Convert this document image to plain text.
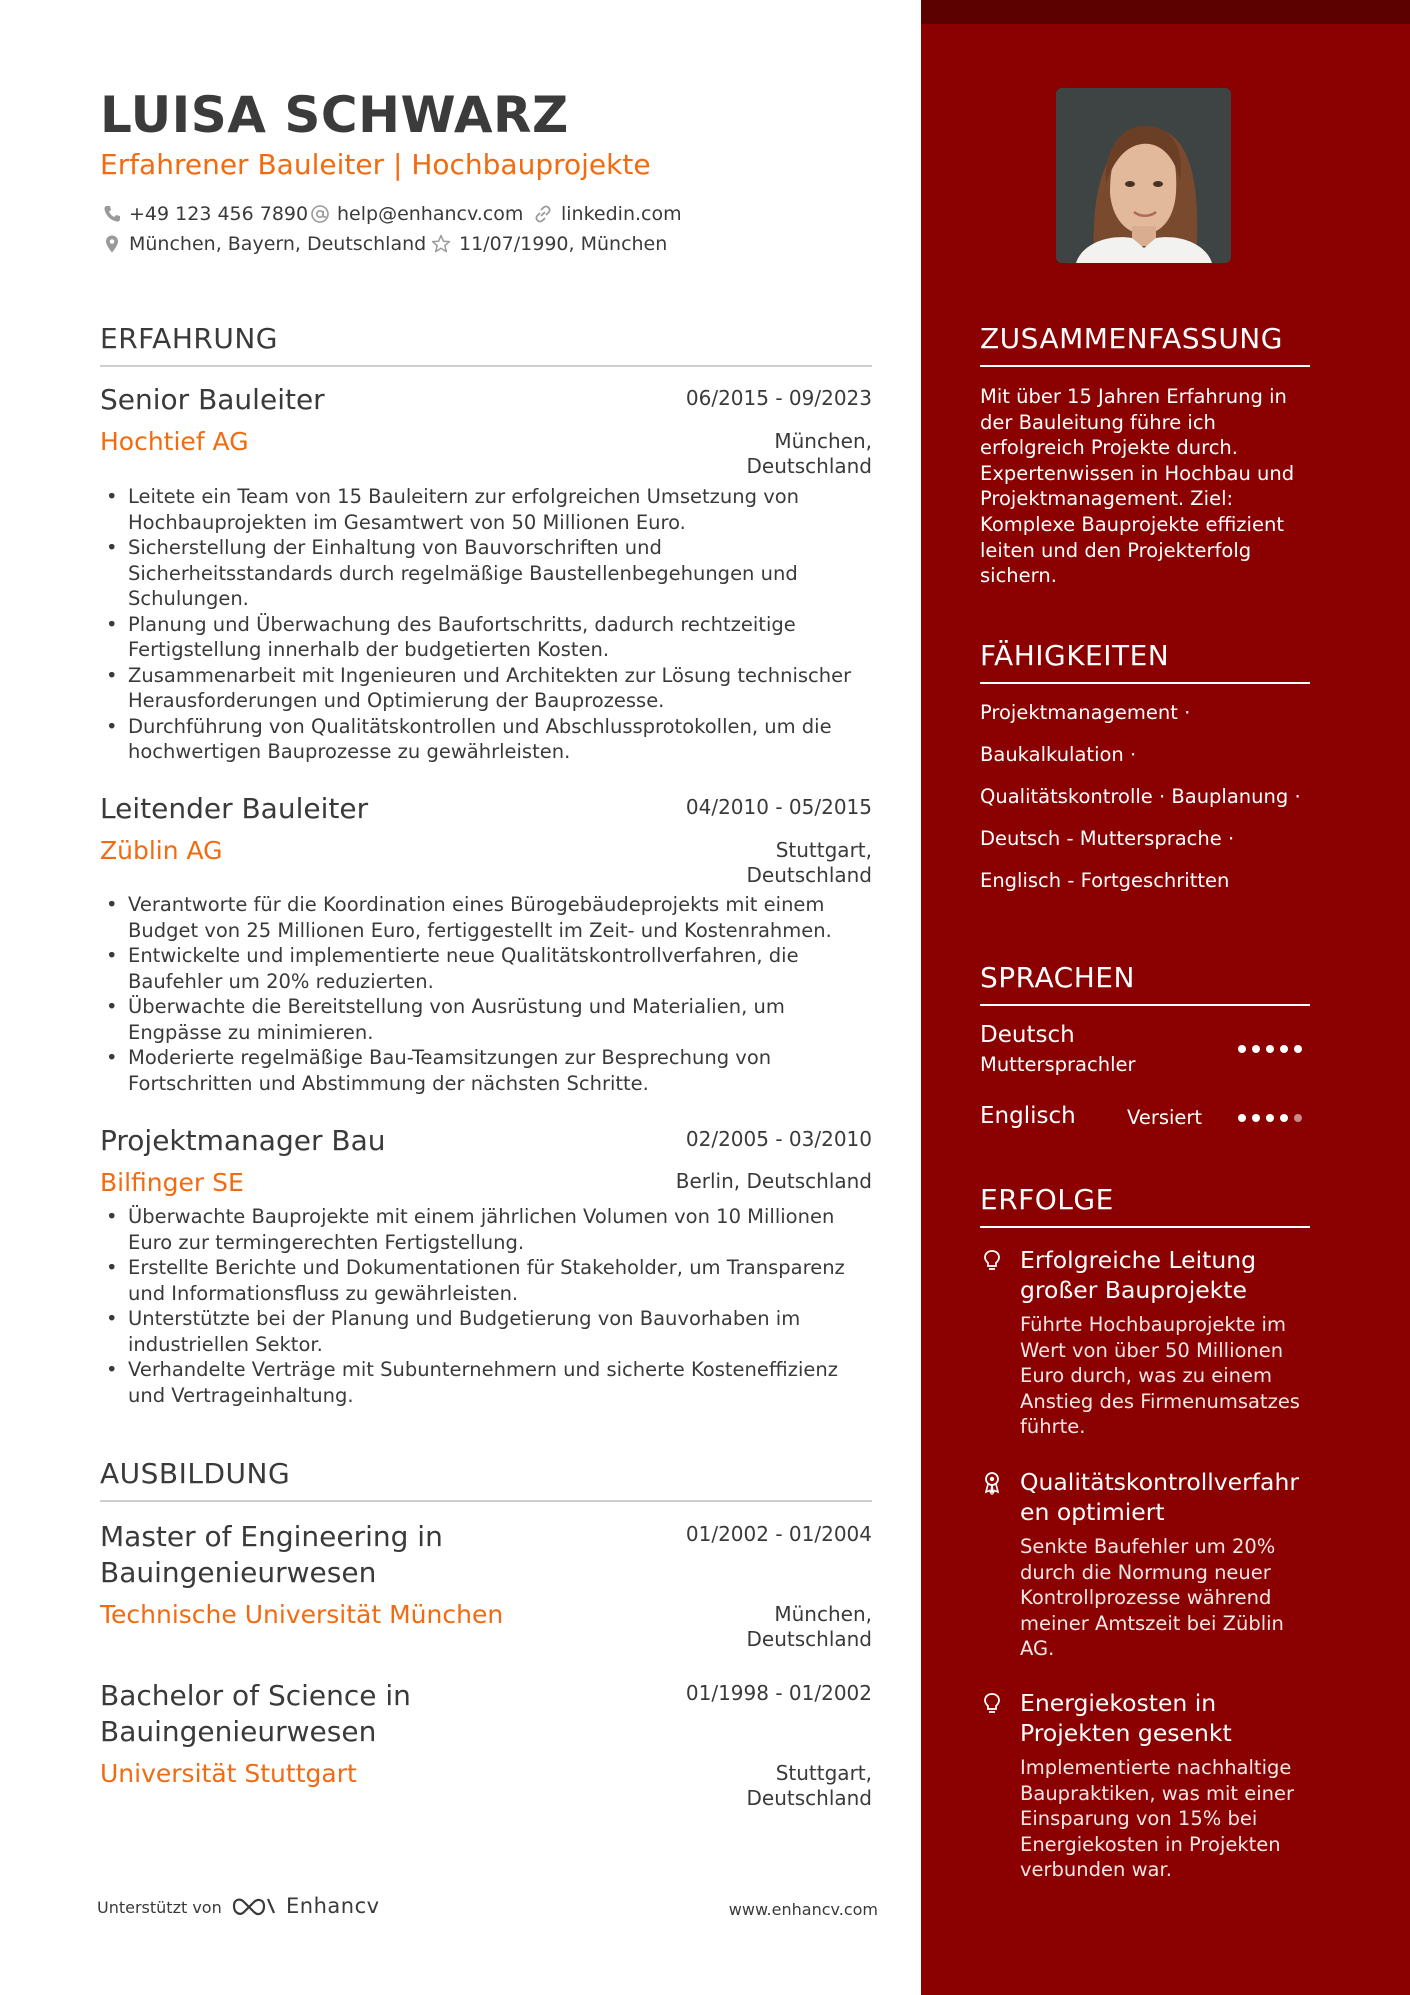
LUISA SCHWARZ
Erfahrener Bauleiter | Hochbauprojekte
+49 123 456 7890 help@enhancv.com linkedin.com
München, Bayern, Deutschland 11/07/1990, München
ERFAHRUNG
Senior Bauleiter	06/2015 - 09/2023
Hochtief AG	München,
Deutschland
• Leitete ein Team von 15 Bauleitern zur erfolgreichen Umsetzung von Hochbauprojekten im Gesamtwert von 50 Millionen Euro.
• Sicherstellung der Einhaltung von Bauvorschriften und Sicherheitsstandards durch regelmäßige Baustellenbegehungen und Schulungen.
• Planung und Überwachung des Baufortschritts, dadurch rechtzeitige Fertigstellung innerhalb der budgetierten Kosten.
• Zusammenarbeit mit Ingenieuren und Architekten zur Lösung technischer Herausforderungen und Optimierung der Bauprozesse.
• Durchführung von Qualitätskontrollen und Abschlussprotokollen, um die hochwertigen Bauprozesse zu gewährleisten.
Leitender Bauleiter	04/2010 - 05/2015
Züblin AG	Stuttgart,
Deutschland
• Verantworte für die Koordination eines Bürogebäudeprojekts mit einem Budget von 25 Millionen Euro, fertiggestellt im Zeit- und Kostenrahmen.
• Entwickelte und implementierte neue Qualitätskontrollverfahren, die Baufehler um 20% reduzierten.
• Überwachte die Bereitstellung von Ausrüstung und Materialien, um Engpässe zu minimieren.
• Moderierte regelmäßige Bau-Teamsitzungen zur Besprechung von Fortschritten und Abstimmung der nächsten Schritte.
Projektmanager Bau	02/2005 - 03/2010
Bilfinger SE	Berlin, Deutschland
• Überwachte Bauprojekte mit einem jährlichen Volumen von 10 Millionen Euro zur termingerechten Fertigstellung.
• Erstellte Berichte und Dokumentationen für Stakeholder, um Transparenz und Informationsfluss zu gewährleisten.
• Unterstützte bei der Planung und Budgetierung von Bauvorhaben im industriellen Sektor.
• Verhandelte Verträge mit Subunternehmern und sicherte Kosteneffizienz und Vertrageinhaltung.
AUSBILDUNG
Master of Engineering in Bauingenieurwesen
01/2002 - 01/2004
Technische Universität München	München,
Deutschland
Bachelor of Science in Bauingenieurwesen
01/1998 - 01/2002
Universität Stuttgart	Stuttgart,
Deutschland
Unterstützt von	Enhancv	www.enhancv.com
ZUSAMMENFASSUNG
Mit über 15 Jahren Erfahrung in der Bauleitung führe ich erfolgreich Projekte durch. Expertenwissen in Hochbau und Projektmanagement. Ziel: Komplexe Bauprojekte effizient leiten und den Projekterfolg sichern.
FÄHIGKEITEN
Projektmanagement ·
Baukalkulation ·
Qualitätskontrolle · Bauplanung ·
Deutsch - Muttersprache ·
Englisch - Fortgeschritten
SPRACHEN
Deutsch
Muttersprachler
Englisch	Versiert
ERFOLGE
Erfolgreiche Leitung großer Bauprojekte
Führte Hochbauprojekte im Wert von über 50 Millionen Euro durch, was zu einem Anstieg des Firmenumsatzes führte.
Qualitätskontrollverfahr en optimiert
Senkte Baufehler um 20% durch die Normung neuer Kontrollprozesse während meiner Amtszeit bei Züblin AG.
Energiekosten in Projekten gesenkt
Implementierte nachhaltige Baupraktiken, was mit einer Einsparung von 15% bei Energiekosten in Projekten verbunden war.
